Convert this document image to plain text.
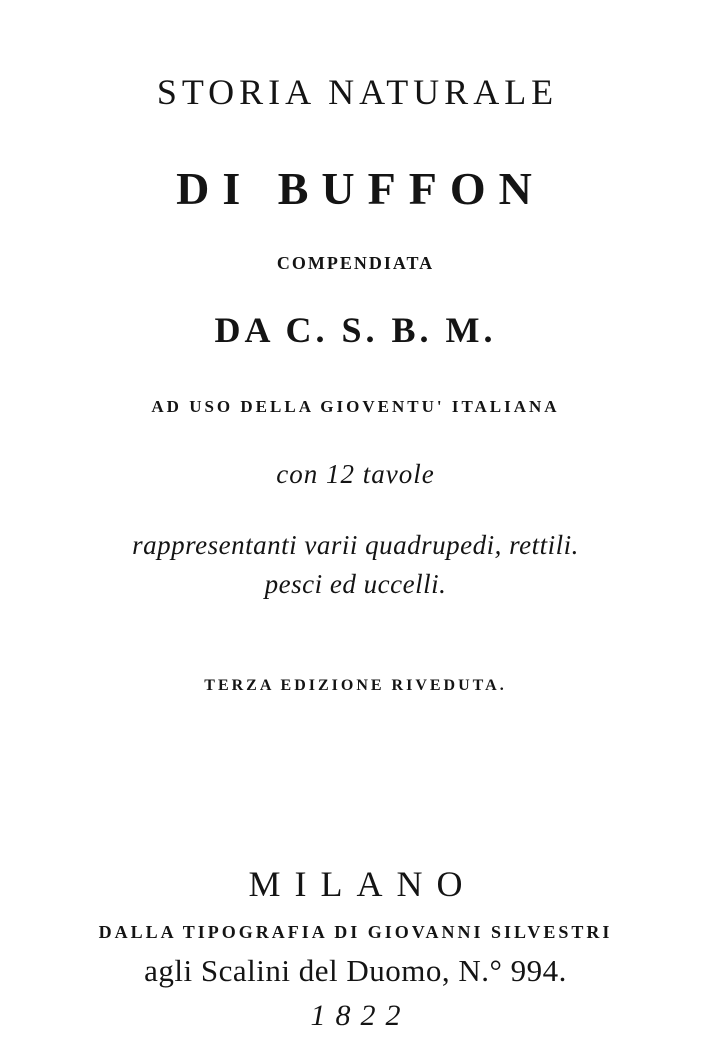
STORIA NATURALE
DI BUFFON
COMPENDIATA
DA C. S. B. M.
AD USO DELLA GIOVENTU' ITALIANA
con 12 tavole
rappresentanti varii quadrupedi, rettili.
pesci ed uccelli.
TERZA EDIZIONE RIVEDUTA.
MILANO
DALLA TIPOGRAFIA DI GIOVANNI SILVESTRI
agli Scalini del Duomo, N.° 994.
1822
